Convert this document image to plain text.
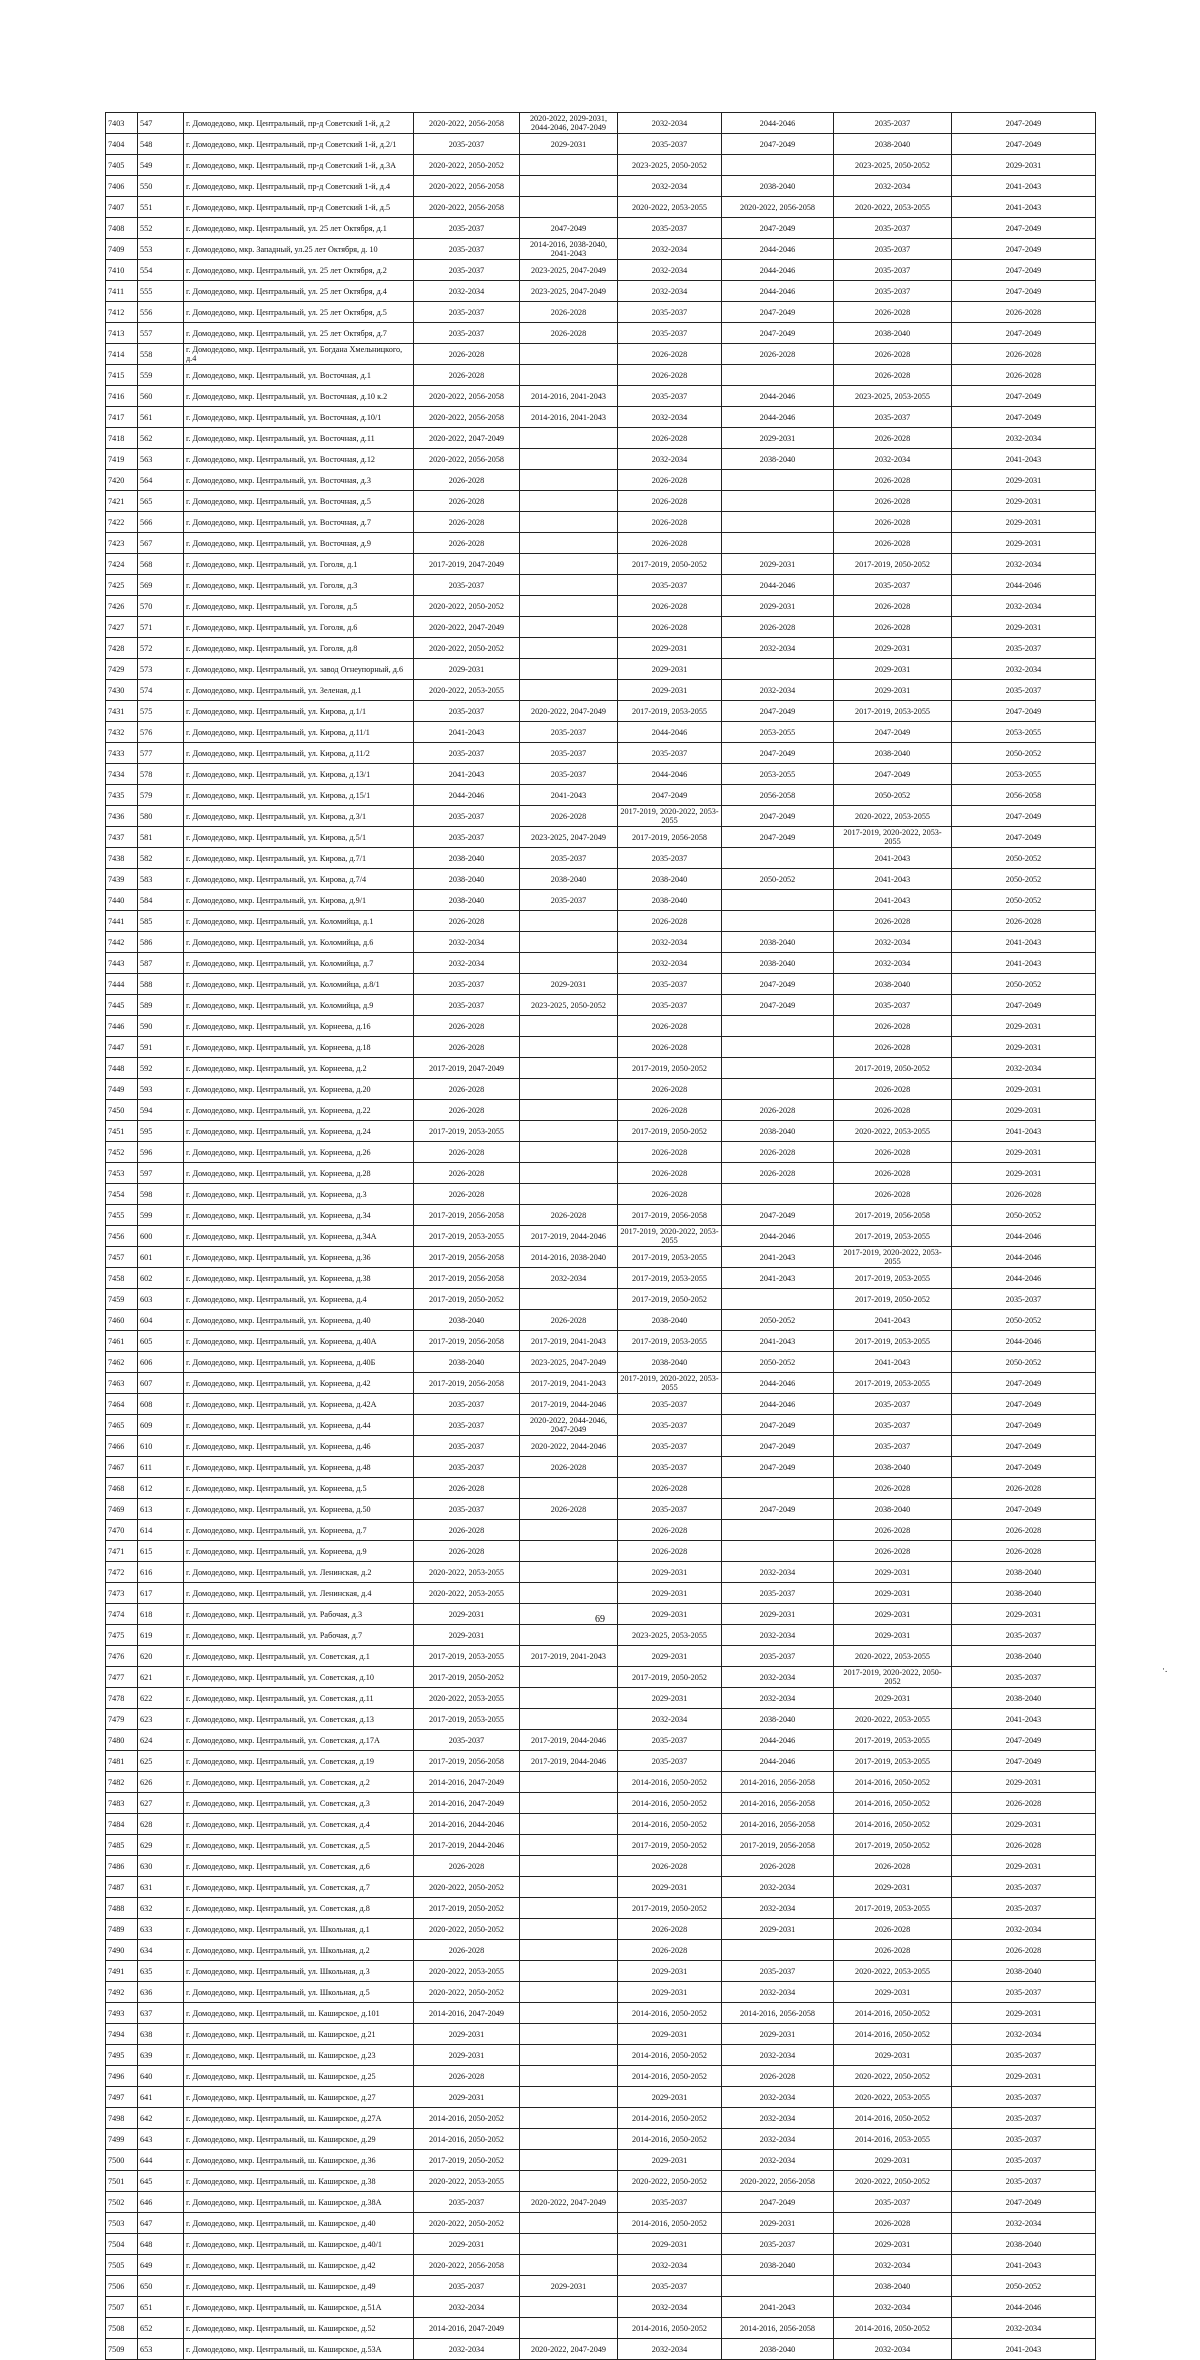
7403	547	г. Домодедово, мкр. Центральный, пр-д Советский 1-й, д.2	2020-2022, 2056-2058	2020-2022, 2029-2031, 2044-2046, 2047-2049	2032-2034	2044-2046	2035-2037	2047-2049
7404	548	г. Домодедово, мкр. Центральный, пр-д Советский 1-й, д.2/1	2035-2037	2029-2031	2035-2037	2047-2049	2038-2040	2047-2049
7405	549	г. Домодедово, мкр. Центральный, пр-д Советский 1-й, д.3А	2020-2022, 2050-2052		2023-2025, 2050-2052		2023-2025, 2050-2052	2029-2031
7406	550	г. Домодедово, мкр. Центральный, пр-д Советский 1-й, д.4	2020-2022, 2056-2058		2032-2034	2038-2040	2032-2034	2041-2043
7407	551	г. Домодедово, мкр. Центральный, пр-д Советский 1-й, д.5	2020-2022, 2056-2058		2020-2022, 2053-2055	2020-2022, 2056-2058	2020-2022, 2053-2055	2041-2043
7408	552	г. Домодедово, мкр. Центральный, ул. 25 лет Октября, д.1	2035-2037	2047-2049	2035-2037	2047-2049	2035-2037	2047-2049
7409	553	г. Домодедово, мкр. Западный, ул.25 лет Октября, д. 10	2035-2037	2014-2016, 2038-2040, 2041-2043	2032-2034	2044-2046	2035-2037	2047-2049
7410	554	г. Домодедово, мкр. Центральный, ул. 25 лет Октября, д.2	2035-2037	2023-2025, 2047-2049	2032-2034	2044-2046	2035-2037	2047-2049
7411	555	г. Домодедово, мкр. Центральный, ул. 25 лет Октября, д.4	2032-2034	2023-2025, 2047-2049	2032-2034	2044-2046	2035-2037	2047-2049
7412	556	г. Домодедово, мкр. Центральный, ул. 25 лет Октября, д.5	2035-2037	2026-2028	2035-2037	2047-2049	2026-2028	2026-2028
7413	557	г. Домодедово, мкр. Центральный, ул. 25 лет Октября, д.7	2035-2037	2026-2028	2035-2037	2047-2049	2038-2040	2047-2049
7414	558	г. Домодедово, мкр. Центральный, ул. Богдана Хмельницкого, д.4	2026-2028		2026-2028	2026-2028	2026-2028	2026-2028
7415	559	г. Домодедово, мкр. Центральный, ул. Восточная, д.1	2026-2028		2026-2028		2026-2028	2026-2028
7416	560	г. Домодедово, мкр. Центральный, ул. Восточная, д.10 к.2	2020-2022, 2056-2058	2014-2016, 2041-2043	2035-2037	2044-2046	2023-2025, 2053-2055	2047-2049
7417	561	г. Домодедово, мкр. Центральный, ул. Восточная, д.10/1	2020-2022, 2056-2058	2014-2016, 2041-2043	2032-2034	2044-2046	2035-2037	2047-2049
7418	562	г. Домодедово, мкр. Центральный, ул. Восточная, д.11	2020-2022, 2047-2049		2026-2028	2029-2031	2026-2028	2032-2034
7419	563	г. Домодедово, мкр. Центральный, ул. Восточная, д.12	2020-2022, 2056-2058		2032-2034	2038-2040	2032-2034	2041-2043
7420	564	г. Домодедово, мкр. Центральный, ул. Восточная, д.3	2026-2028		2026-2028		2026-2028	2029-2031
7421	565	г. Домодедово, мкр. Центральный, ул. Восточная, д.5	2026-2028		2026-2028		2026-2028	2029-2031
7422	566	г. Домодедово, мкр. Центральный, ул. Восточная, д.7	2026-2028		2026-2028		2026-2028	2029-2031
7423	567	г. Домодедово, мкр. Центральный, ул. Восточная, д.9	2026-2028		2026-2028		2026-2028	2029-2031
7424	568	г. Домодедово, мкр. Центральный, ул. Гоголя, д.1	2017-2019, 2047-2049		2017-2019, 2050-2052	2029-2031	2017-2019, 2050-2052	2032-2034
7425	569	г. Домодедово, мкр. Центральный, ул. Гоголя, д.3	2035-2037		2035-2037	2044-2046	2035-2037	2044-2046
7426	570	г. Домодедово, мкр. Центральный, ул. Гоголя, д.5	2020-2022, 2050-2052		2026-2028	2029-2031	2026-2028	2032-2034
7427	571	г. Домодедово, мкр. Центральный, ул. Гоголя, д.6	2020-2022, 2047-2049		2026-2028	2026-2028	2026-2028	2029-2031
7428	572	г. Домодедово, мкр. Центральный, ул. Гоголя, д.8	2020-2022, 2050-2052		2029-2031	2032-2034	2029-2031	2035-2037
7429	573	г. Домодедово, мкр. Центральный, ул. завод Огнеупорный, д.6	2029-2031		2029-2031		2029-2031	2032-2034
7430	574	г. Домодедово, мкр. Центральный, ул. Зеленая, д.1	2020-2022, 2053-2055		2029-2031	2032-2034	2029-2031	2035-2037
7431	575	г. Домодедово, мкр. Центральный, ул. Кирова, д.1/1	2035-2037	2020-2022, 2047-2049	2017-2019, 2053-2055	2047-2049	2017-2019, 2053-2055	2047-2049
7432	576	г. Домодедово, мкр. Центральный, ул. Кирова, д.11/1	2041-2043	2035-2037	2044-2046	2053-2055	2047-2049	2053-2055
7433	577	г. Домодедово, мкр. Центральный, ул. Кирова, д.11/2	2035-2037	2035-2037	2035-2037	2047-2049	2038-2040	2050-2052
7434	578	г. Домодедово, мкр. Центральный, ул. Кирова, д.13/1	2041-2043	2035-2037	2044-2046	2053-2055	2047-2049	2053-2055
7435	579	г. Домодедово, мкр. Центральный, ул. Кирова, д.15/1	2044-2046	2041-2043	2047-2049	2056-2058	2050-2052	2056-2058
7436	580	г. Домодедово, мкр. Центральный, ул. Кирова, д.3/1	2035-2037	2026-2028	2017-2019, 2020-2022, 2053-2055	2047-2049	2020-2022, 2053-2055	2047-2049
7437	581	г. Домодедово, мкр. Центральный, ул. Кирова, д.5/1	2035-2037	2023-2025, 2047-2049	2017-2019, 2056-2058	2047-2049	2017-2019, 2020-2022, 2053-2055	2047-2049
7438	582	г. Домодедово, мкр. Центральный, ул. Кирова, д.7/1	2038-2040	2035-2037	2035-2037		2041-2043	2050-2052
7439	583	г. Домодедово, мкр. Центральный, ул. Кирова, д.7/4	2038-2040	2038-2040	2038-2040	2050-2052	2041-2043	2050-2052
7440	584	г. Домодедово, мкр. Центральный, ул. Кирова, д.9/1	2038-2040	2035-2037	2038-2040		2041-2043	2050-2052
7441	585	г. Домодедово, мкр. Центральный, ул. Коломийца, д.1	2026-2028		2026-2028		2026-2028	2026-2028
7442	586	г. Домодедово, мкр. Центральный, ул. Коломийца, д.6	2032-2034		2032-2034	2038-2040	2032-2034	2041-2043
7443	587	г. Домодедово, мкр. Центральный, ул. Коломийца, д.7	2032-2034		2032-2034	2038-2040	2032-2034	2041-2043
7444	588	г. Домодедово, мкр. Центральный, ул. Коломийца, д.8/1	2035-2037	2029-2031	2035-2037	2047-2049	2038-2040	2050-2052
7445	589	г. Домодедово, мкр. Центральный, ул. Коломийца, д.9	2035-2037	2023-2025, 2050-2052	2035-2037	2047-2049	2035-2037	2047-2049
7446	590	г. Домодедово, мкр. Центральный, ул. Корнеева, д.16	2026-2028		2026-2028		2026-2028	2029-2031
7447	591	г. Домодедово, мкр. Центральный, ул. Корнеева, д.18	2026-2028		2026-2028		2026-2028	2029-2031
7448	592	г. Домодедово, мкр. Центральный, ул. Корнеева, д.2	2017-2019, 2047-2049		2017-2019, 2050-2052		2017-2019, 2050-2052	2032-2034
7449	593	г. Домодедово, мкр. Центральный, ул. Корнеева, д.20	2026-2028		2026-2028		2026-2028	2029-2031
7450	594	г. Домодедово, мкр. Центральный, ул. Корнеева, д.22	2026-2028		2026-2028	2026-2028	2026-2028	2029-2031
7451	595	г. Домодедово, мкр. Центральный, ул. Корнеева, д.24	2017-2019, 2053-2055		2017-2019, 2050-2052	2038-2040	2020-2022, 2053-2055	2041-2043
7452	596	г. Домодедово, мкр. Центральный, ул. Корнеева, д.26	2026-2028		2026-2028	2026-2028	2026-2028	2029-2031
7453	597	г. Домодедово, мкр. Центральный, ул. Корнеева, д.28	2026-2028		2026-2028	2026-2028	2026-2028	2029-2031
7454	598	г. Домодедово, мкр. Центральный, ул. Корнеева, д.3	2026-2028		2026-2028		2026-2028	2026-2028
7455	599	г. Домодедово, мкр. Центральный, ул. Корнеева, д.34	2017-2019, 2056-2058	2026-2028	2017-2019, 2056-2058	2047-2049	2017-2019, 2056-2058	2050-2052
7456	600	г. Домодедово, мкр. Центральный, ул. Корнеева, д.34А	2017-2019, 2053-2055	2017-2019, 2044-2046	2017-2019, 2020-2022, 2053-2055	2044-2046	2017-2019, 2053-2055	2044-2046
7457	601	г. Домодедово, мкр. Центральный, ул. Корнеева, д.36	2017-2019, 2056-2058	2014-2016, 2038-2040	2017-2019, 2053-2055	2041-2043	2017-2019, 2020-2022, 2053-2055	2044-2046
7458	602	г. Домодедово, мкр. Центральный, ул. Корнеева, д.38	2017-2019, 2056-2058	2032-2034	2017-2019, 2053-2055	2041-2043	2017-2019, 2053-2055	2044-2046
7459	603	г. Домодедово, мкр. Центральный, ул. Корнеева, д.4	2017-2019, 2050-2052		2017-2019, 2050-2052		2017-2019, 2050-2052	2035-2037
7460	604	г. Домодедово, мкр. Центральный, ул. Корнеева, д.40	2038-2040	2026-2028	2038-2040	2050-2052	2041-2043	2050-2052
7461	605	г. Домодедово, мкр. Центральный, ул. Корнеева, д.40А	2017-2019, 2056-2058	2017-2019, 2041-2043	2017-2019, 2053-2055	2041-2043	2017-2019, 2053-2055	2044-2046
7462	606	г. Домодедово, мкр. Центральный, ул. Корнеева, д.40Б	2038-2040	2023-2025, 2047-2049	2038-2040	2050-2052	2041-2043	2050-2052
7463	607	г. Домодедово, мкр. Центральный, ул. Корнеева, д.42	2017-2019, 2056-2058	2017-2019, 2041-2043	2017-2019, 2020-2022, 2053-2055	2044-2046	2017-2019, 2053-2055	2047-2049
7464	608	г. Домодедово, мкр. Центральный, ул. Корнеева, д.42А	2035-2037	2017-2019, 2044-2046	2035-2037	2044-2046	2035-2037	2047-2049
7465	609	г. Домодедово, мкр. Центральный, ул. Корнеева, д.44	2035-2037	2020-2022, 2044-2046, 2047-2049	2035-2037	2047-2049	2035-2037	2047-2049
7466	610	г. Домодедово, мкр. Центральный, ул. Корнеева, д.46	2035-2037	2020-2022, 2044-2046	2035-2037	2047-2049	2035-2037	2047-2049
7467	611	г. Домодедово, мкр. Центральный, ул. Корнеева, д.48	2035-2037	2026-2028	2035-2037	2047-2049	2038-2040	2047-2049
7468	612	г. Домодедово, мкр. Центральный, ул. Корнеева, д.5	2026-2028		2026-2028		2026-2028	2026-2028
7469	613	г. Домодедово, мкр. Центральный, ул. Корнеева, д.50	2035-2037	2026-2028	2035-2037	2047-2049	2038-2040	2047-2049
7470	614	г. Домодедово, мкр. Центральный, ул. Корнеева, д.7	2026-2028		2026-2028		2026-2028	2026-2028
7471	615	г. Домодедово, мкр. Центральный, ул. Корнеева, д.9	2026-2028		2026-2028		2026-2028	2026-2028
7472	616	г. Домодедово, мкр. Центральный, ул. Ленинская, д.2	2020-2022, 2053-2055		2029-2031	2032-2034	2029-2031	2038-2040
7473	617	г. Домодедово, мкр. Центральный, ул. Ленинская, д.4	2020-2022, 2053-2055		2029-2031	2035-2037	2029-2031	2038-2040
7474	618	г. Домодедово, мкр. Центральный, ул. Рабочая, д.3	2029-2031		2029-2031	2029-2031	2029-2031	2029-2031
7475	619	г. Домодедово, мкр. Центральный, ул. Рабочая, д.7	2029-2031		2023-2025, 2053-2055	2032-2034	2029-2031	2035-2037
7476	620	г. Домодедово, мкр. Центральный, ул. Советская, д.1	2017-2019, 2053-2055	2017-2019, 2041-2043	2029-2031	2035-2037	2020-2022, 2053-2055	2038-2040
7477	621	г. Домодедово, мкр. Центральный, ул. Советская, д.10	2017-2019, 2050-2052		2017-2019, 2050-2052	2032-2034	2017-2019, 2020-2022, 2050-2052	2035-2037
7478	622	г. Домодедово, мкр. Центральный, ул. Советская, д.11	2020-2022, 2053-2055		2029-2031	2032-2034	2029-2031	2038-2040
7479	623	г. Домодедово, мкр. Центральный, ул. Советская, д.13	2017-2019, 2053-2055		2032-2034	2038-2040	2020-2022, 2053-2055	2041-2043
7480	624	г. Домодедово, мкр. Центральный, ул. Советская, д.17А	2035-2037	2017-2019, 2044-2046	2035-2037	2044-2046	2017-2019, 2053-2055	2047-2049
7481	625	г. Домодедово, мкр. Центральный, ул. Советская, д.19	2017-2019, 2056-2058	2017-2019, 2044-2046	2035-2037	2044-2046	2017-2019, 2053-2055	2047-2049
7482	626	г. Домодедово, мкр. Центральный, ул. Советская, д.2	2014-2016, 2047-2049		2014-2016, 2050-2052	2014-2016, 2056-2058	2014-2016, 2050-2052	2029-2031
7483	627	г. Домодедово, мкр. Центральный, ул. Советская, д.3	2014-2016, 2047-2049		2014-2016, 2050-2052	2014-2016, 2056-2058	2014-2016, 2050-2052	2026-2028
7484	628	г. Домодедово, мкр. Центральный, ул. Советская, д.4	2014-2016, 2044-2046		2014-2016, 2050-2052	2014-2016, 2056-2058	2014-2016, 2050-2052	2029-2031
7485	629	г. Домодедово, мкр. Центральный, ул. Советская, д.5	2017-2019, 2044-2046		2017-2019, 2050-2052	2017-2019, 2056-2058	2017-2019, 2050-2052	2026-2028
7486	630	г. Домодедово, мкр. Центральный, ул. Советская, д.6	2026-2028		2026-2028	2026-2028	2026-2028	2029-2031
7487	631	г. Домодедово, мкр. Центральный, ул. Советская, д.7	2020-2022, 2050-2052		2029-2031	2032-2034	2029-2031	2035-2037
7488	632	г. Домодедово, мкр. Центральный, ул. Советская, д.8	2017-2019, 2050-2052		2017-2019, 2050-2052	2032-2034	2017-2019, 2053-2055	2035-2037
7489	633	г. Домодедово, мкр. Центральный, ул. Школьная, д.1	2020-2022, 2050-2052		2026-2028	2029-2031	2026-2028	2032-2034
7490	634	г. Домодедово, мкр. Центральный, ул. Школьная, д.2	2026-2028		2026-2028		2026-2028	2026-2028
7491	635	г. Домодедово, мкр. Центральный, ул. Школьная, д.3	2020-2022, 2053-2055		2029-2031	2035-2037	2020-2022, 2053-2055	2038-2040
7492	636	г. Домодедово, мкр. Центральный, ул. Школьная, д.5	2020-2022, 2050-2052		2029-2031	2032-2034	2029-2031	2035-2037
7493	637	г. Домодедово, мкр. Центральный, ш. Каширское, д.101	2014-2016, 2047-2049		2014-2016, 2050-2052	2014-2016, 2056-2058	2014-2016, 2050-2052	2029-2031
7494	638	г. Домодедово, мкр. Центральный, ш. Каширское, д.21	2029-2031		2029-2031	2029-2031	2014-2016, 2050-2052	2032-2034
7495	639	г. Домодедово, мкр. Центральный, ш. Каширское, д.23	2029-2031		2014-2016, 2050-2052	2032-2034	2029-2031	2035-2037
7496	640	г. Домодедово, мкр. Центральный, ш. Каширское, д.25	2026-2028		2014-2016, 2050-2052	2026-2028	2020-2022, 2050-2052	2029-2031
7497	641	г. Домодедово, мкр. Центральный, ш. Каширское, д.27	2029-2031		2029-2031	2032-2034	2020-2022, 2053-2055	2035-2037
7498	642	г. Домодедово, мкр. Центральный, ш. Каширское, д.27А	2014-2016, 2050-2052		2014-2016, 2050-2052	2032-2034	2014-2016, 2050-2052	2035-2037
7499	643	г. Домодедово, мкр. Центральный, ш. Каширское, д.29	2014-2016, 2050-2052		2014-2016, 2050-2052	2032-2034	2014-2016, 2053-2055	2035-2037
7500	644	г. Домодедово, мкр. Центральный, ш. Каширское, д.36	2017-2019, 2050-2052		2029-2031	2032-2034	2029-2031	2035-2037
7501	645	г. Домодедово, мкр. Центральный, ш. Каширское, д.38	2020-2022, 2053-2055		2020-2022, 2050-2052	2020-2022, 2056-2058	2020-2022, 2050-2052	2035-2037
7502	646	г. Домодедово, мкр. Центральный, ш. Каширское, д.38А	2035-2037	2020-2022, 2047-2049	2035-2037	2047-2049	2035-2037	2047-2049
7503	647	г. Домодедово, мкр. Центральный, ш. Каширское, д.40	2020-2022, 2050-2052		2014-2016, 2050-2052	2029-2031	2026-2028	2032-2034
7504	648	г. Домодедово, мкр. Центральный, ш. Каширское, д.40/1	2029-2031		2029-2031	2035-2037	2029-2031	2038-2040
7505	649	г. Домодедово, мкр. Центральный, ш. Каширское, д.42	2020-2022, 2056-2058		2032-2034	2038-2040	2032-2034	2041-2043
7506	650	г. Домодедово, мкр. Центральный, ш. Каширское, д.49	2035-2037	2029-2031	2035-2037		2038-2040	2050-2052
7507	651	г. Домодедово, мкр. Центральный, ш. Каширское, д.51А	2032-2034		2032-2034	2041-2043	2032-2034	2044-2046
7508	652	г. Домодедово, мкр. Центральный, ш. Каширское, д.52	2014-2016, 2047-2049		2014-2016, 2050-2052	2014-2016, 2056-2058	2014-2016, 2050-2052	2032-2034
7509	653	г. Домодедово, мкр. Центральный, ш. Каширское, д.53А	2032-2034	2020-2022, 2047-2049	2032-2034	2038-2040	2032-2034	2041-2043
69
·.
